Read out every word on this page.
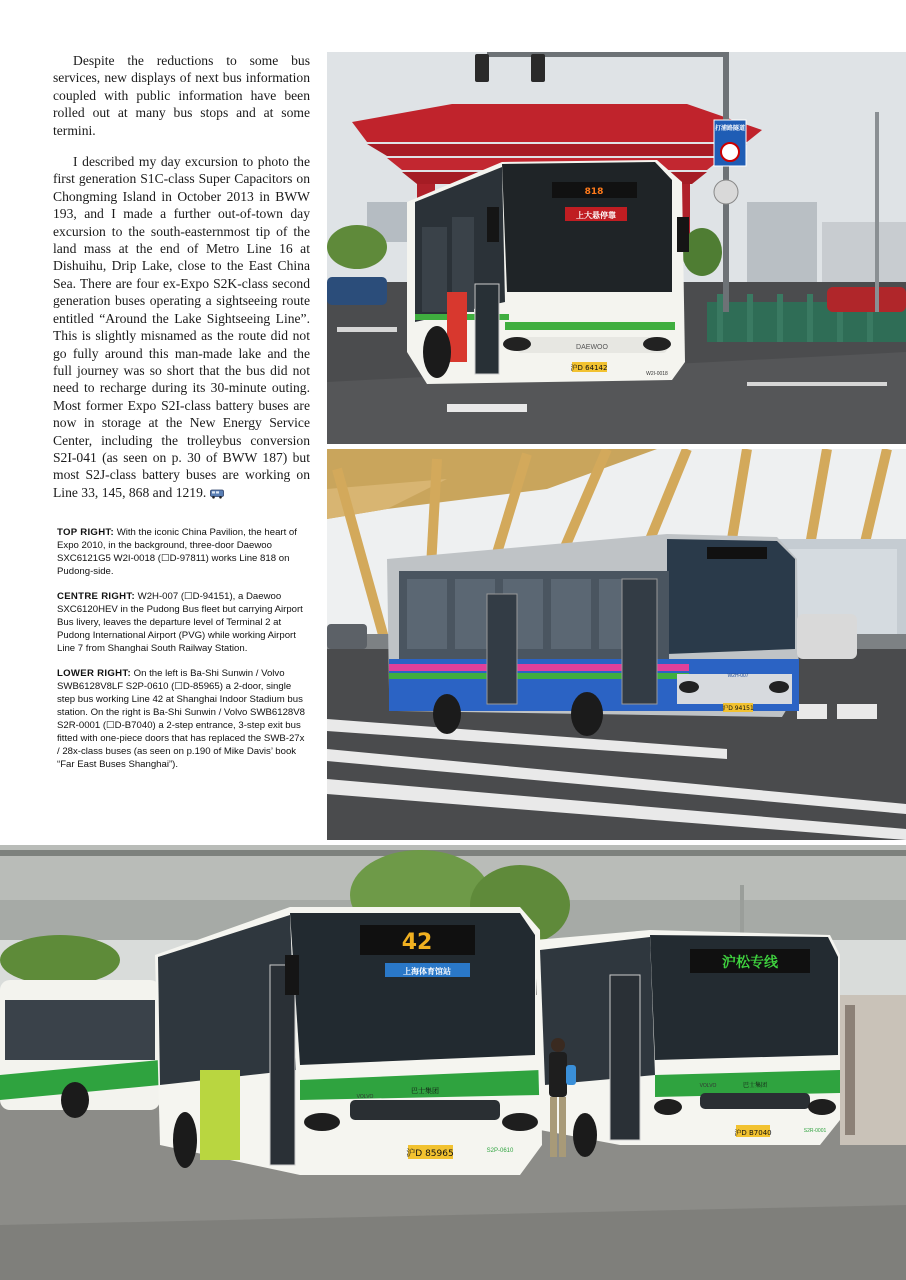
Despite the reductions to some bus services, new displays of next bus information coupled with public information have been rolled out at many bus stops and at some termini.

I described my day excursion to photo the first generation S1C-class Super Capacitors on Chongming Island in October 2013 in BWW 193, and I made a further out-of-town day excursion to the south-easternmost tip of the land mass at the end of Metro Line 16 at Dishuihu, Drip Lake, close to the East China Sea. There are four ex-Expo S2K-class second generation buses operating a sightseeing route entitled “Around the Lake Sightseeing Line”. This is slightly misnamed as the route did not go fully around this man-made lake and the full journey was so short that the bus did not need to recharge during its 30-minute outing. Most former Expo S2I-class battery buses are now in storage at the New Energy Service Center, including the trolleybus conversion S2I-041 (as seen on p. 30 of BWW 187) but most S2J-class battery buses are working on Line 33, 145, 868 and 1219.

TOP RIGHT: With the iconic China Pavilion, the heart of Expo 2010, in the background, three-door Daewoo SXC6121G5 W2I-0018 (☐D-97811) works Line 818 on Pudong-side.

CENTRE RIGHT: W2H-007 (☐D-94151), a Daewoo SXC6120HEV in the Pudong Bus fleet but carrying Airport Bus livery, leaves the departure level of Terminal 2 at Pudong International Airport (PVG) while working Airport Line 7 from Shanghai South Railway Station.

LOWER RIGHT: On the left is Ba-Shi Sunwin / Volvo SWB6128V8LF S2P-0610 (☐D-85965) a 2-door, single step bus working Line 42 at Shanghai Indoor Stadium bus station. On the right is Ba-Shi Sunwin / Volvo SWB6128V8 S2R-0001 (☐D-B7040) a 2-step entrance, 3-step exit bus fitted with one-piece doors that has replaced the SWB-27x / 28x-class buses (as seen on p.190 of Mike Davis’ book “Far East Buses Shanghai”).

打浦路隧道
818
上大悬停靠
DAEWOO
沪D 64142
W2I-0018
沪D 94151
W2H-007
42
上海体育馆站
巴士集团
VOLVO
沪D 85965	S2P-0610
沪松专线
巴士集团
VOLVO
沪D B7040	S2R-0001
